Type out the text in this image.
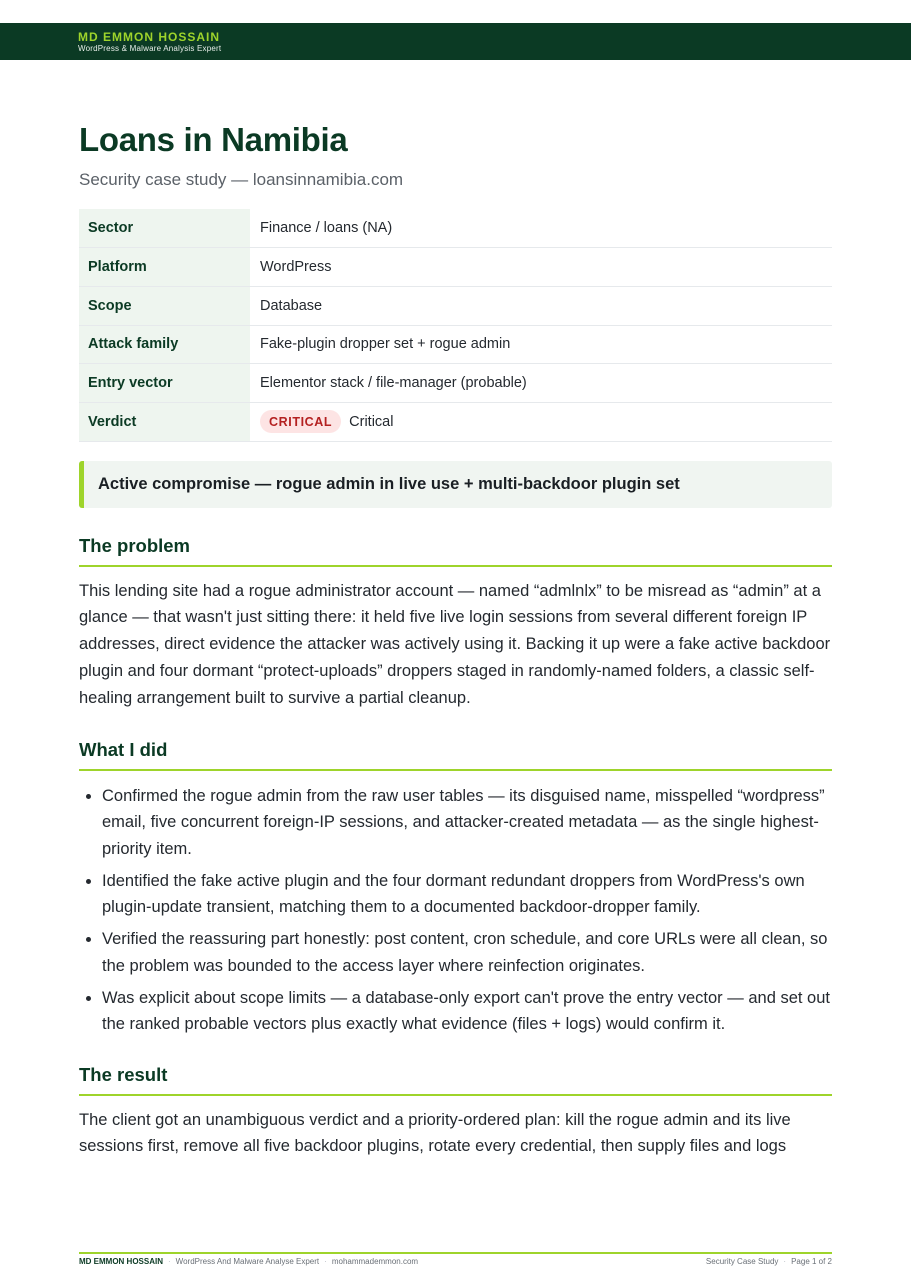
MD EMMON HOSSAIN
WordPress & Malware Analysis Expert
Loans in Namibia
Security case study — loansinnamibia.com
Sector	Finance / loans (NA)
Platform	WordPress
Scope	Database
Attack family	Fake-plugin dropper set + rogue admin
Entry vector	Elementor stack / file-manager (probable)
Verdict	CRITICAL Critical
Active compromise — rogue admin in live use + multi-backdoor plugin set
The problem

This lending site had a rogue administrator account — named “admlnlx” to be misread as “admin” at a glance — that wasn't just sitting there: it held five live login sessions from several different foreign IP addresses, direct evidence the attacker was actively using it. Backing it up were a fake active backdoor plugin and four dormant “protect-uploads” droppers staged in randomly-named folders, a classic self-healing arrangement built to survive a partial cleanup.

What I did
• Confirmed the rogue admin from the raw user tables — its disguised name, misspelled “wordpress” email, five concurrent foreign-IP sessions, and attacker-created metadata — as the single highest-priority item.
• Identified the fake active plugin and the four dormant redundant droppers from WordPress's own plugin-update transient, matching them to a documented backdoor-dropper family.
• Verified the reassuring part honestly: post content, cron schedule, and core URLs were all clean, so the problem was bounded to the access layer where reinfection originates.
• Was explicit about scope limits — a database-only export can't prove the entry vector — and set out the ranked probable vectors plus exactly what evidence (files + logs) would confirm it.
The result

The client got an unambiguous verdict and a priority-ordered plan: kill the rogue admin and its live sessions first, remove all five backdoor plugins, rotate every credential, then supply files and logs

MD EMMON HOSSAIN · WordPress And Malware Analyse Expert · mohammademmon.com	Security Case Study · Page 1 of 2
